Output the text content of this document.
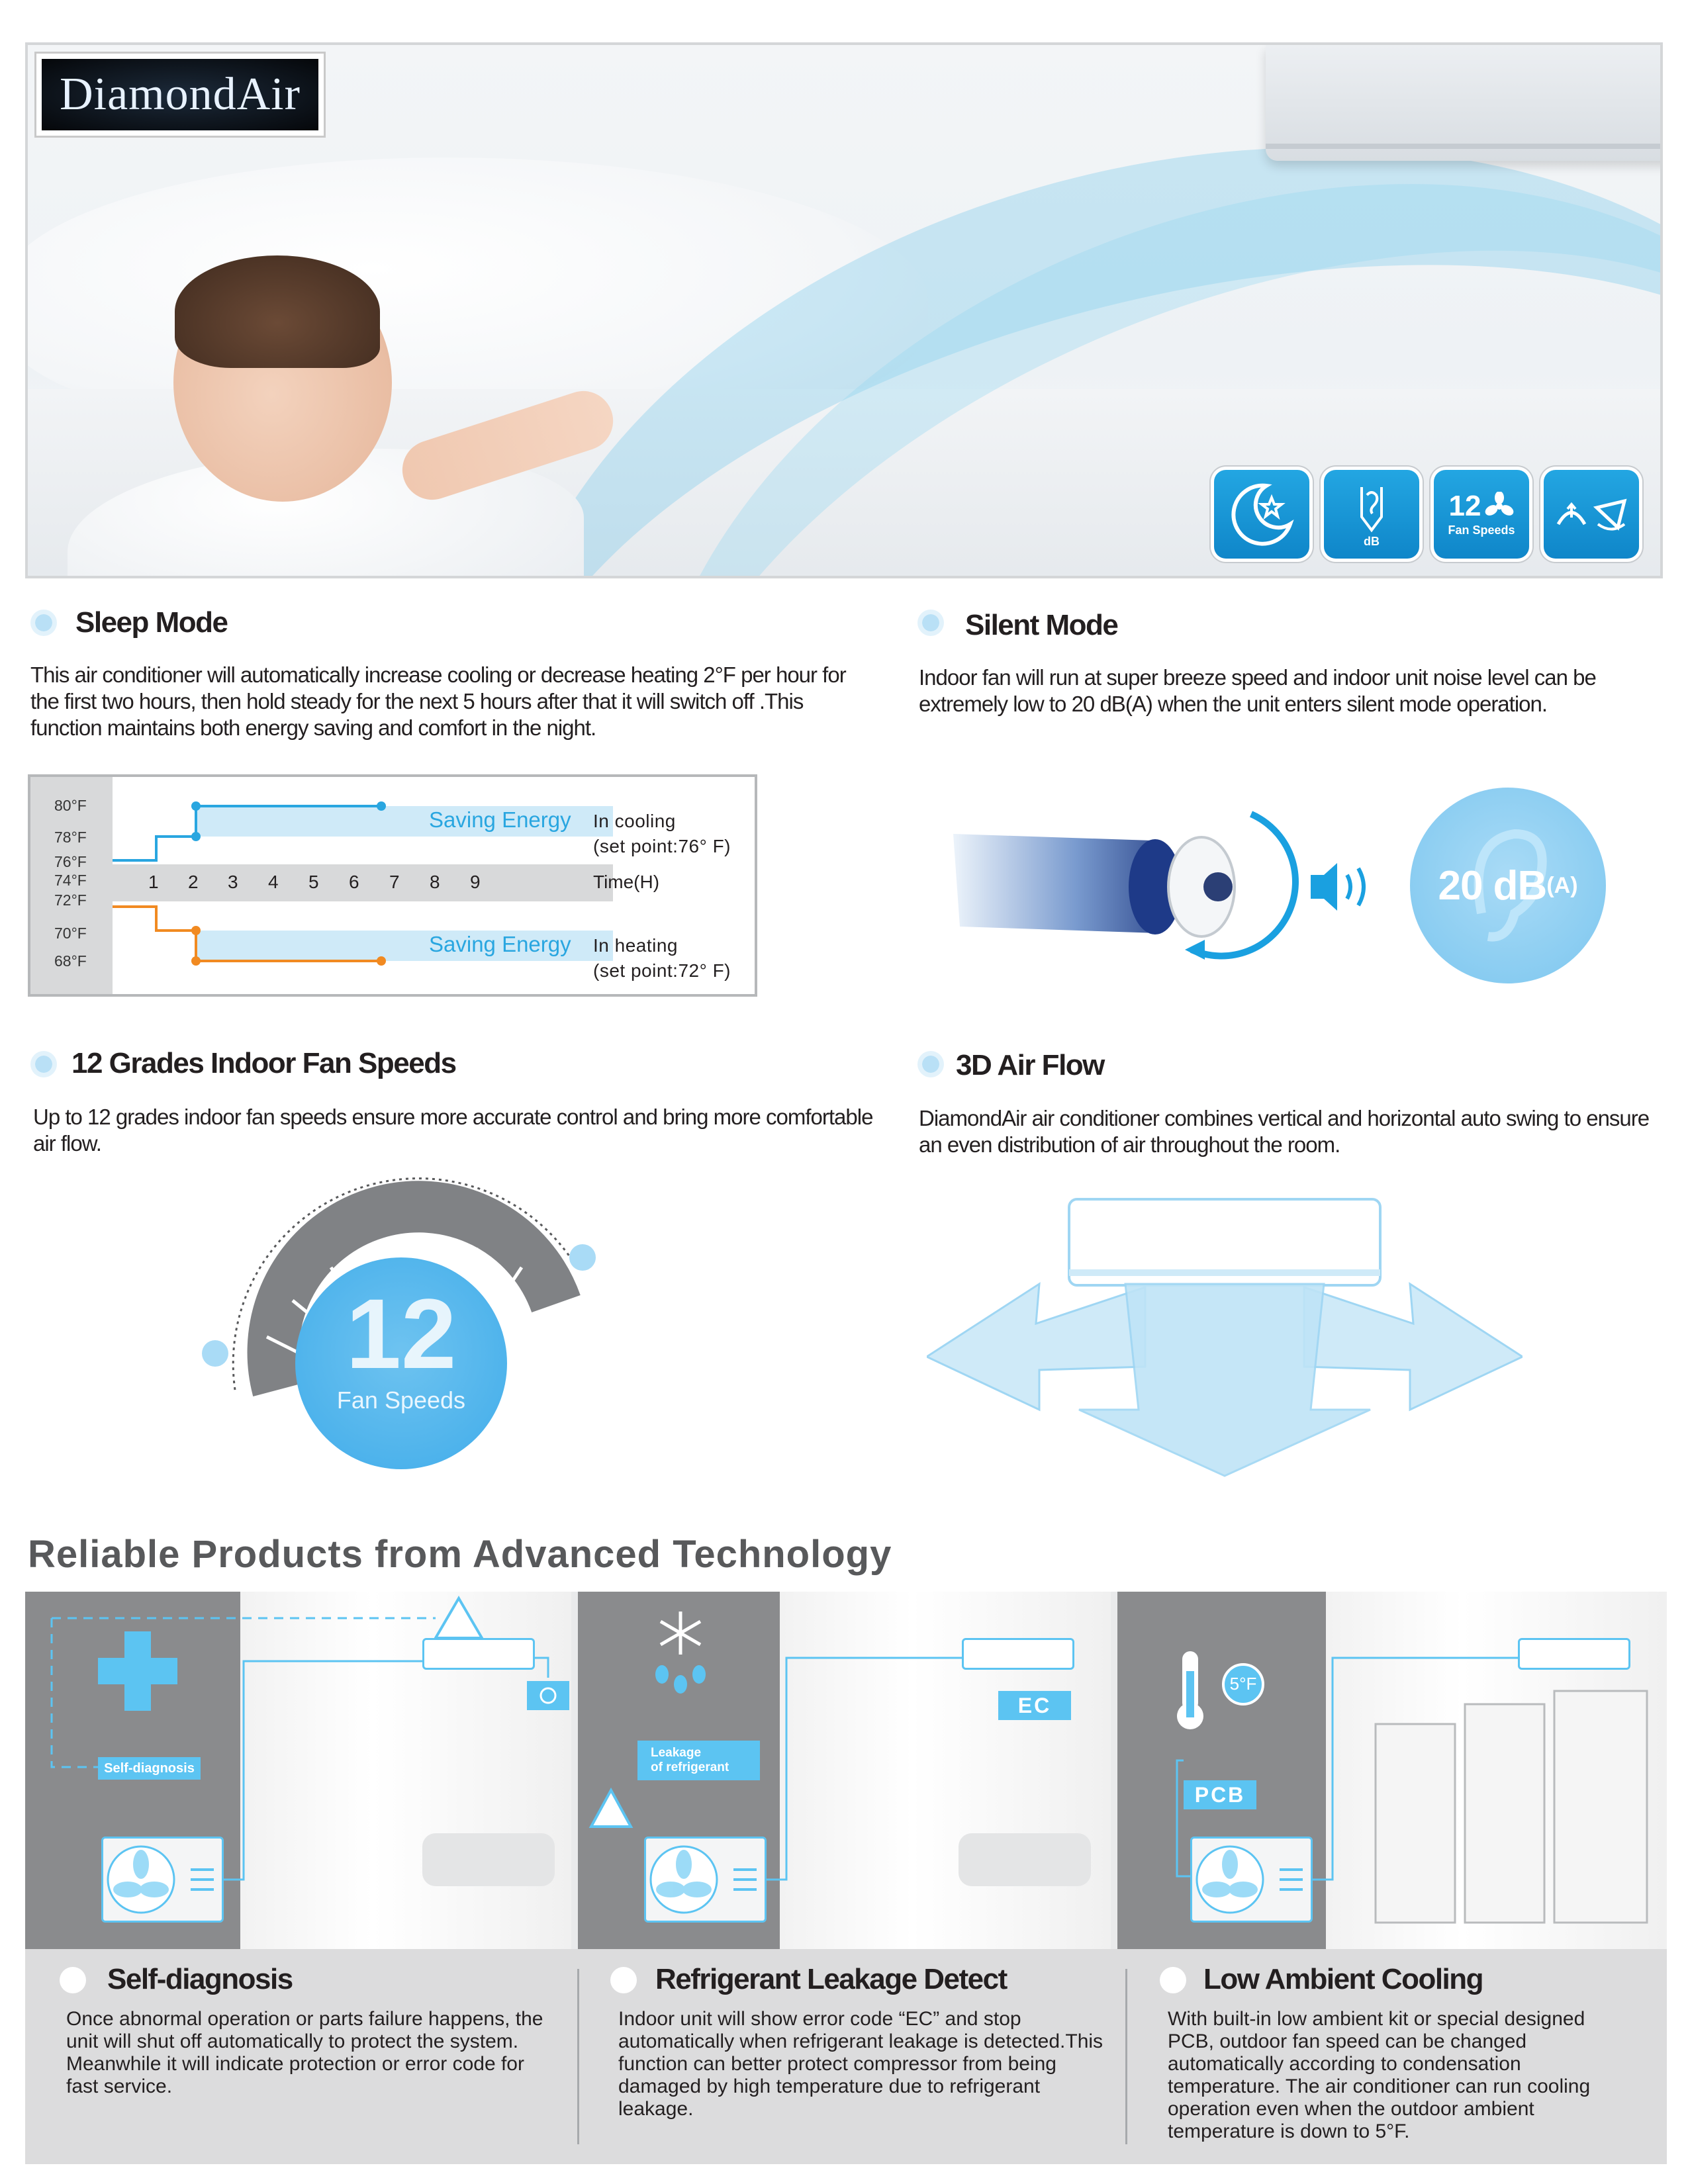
DiamondAir
dB
12
Fan Speeds
Sleep Mode
This air conditioner will automatically increase cooling or decrease heating 2°F per hour for the first two hours, then hold steady for the next 5 hours after that it will switch off .This function maintains both energy saving and comfort in the night.
80°F
78°F
76°F
74°F
72°F
70°F
68°F
1 2 3 4 5 6 7 8 9	Time(H)
Saving Energy
Saving Energy
In cooling
(set point:76° F)
In heating
(set point:72° F)
Silent Mode
Indoor fan will run at super breeze speed and indoor unit noise level can be extremely low to 20 dB(A) when the unit enters silent mode operation.
20 dB (A)
12 Grades Indoor Fan Speeds
Up to 12 grades indoor fan speeds ensure more accurate control and bring more comfortable air flow.
12
Fan Speeds
3D Air Flow
DiamondAir air conditioner combines vertical and horizontal auto swing to ensure an even distribution of air throughout the room.
Reliable Products from Advanced Technology
Self-diagnosis
Leakage
of refrigerant
EC
PCB
5°F
Self-diagnosis
Once abnormal operation or parts failure happens, the unit will shut off automatically to protect the system. Meanwhile it will indicate protection or error code for fast service.
Refrigerant Leakage Detect
Indoor unit will show error code “EC” and stop automatically when refrigerant leakage is detected.This function can better protect compressor from being damaged by high temperature due to refrigerant leakage.
Low Ambient Cooling
With built-in low ambient kit or special designed PCB, outdoor fan speed can be changed automatically according to condensation temperature. The air conditioner can run cooling operation even when the outdoor ambient temperature is down to 5°F.
